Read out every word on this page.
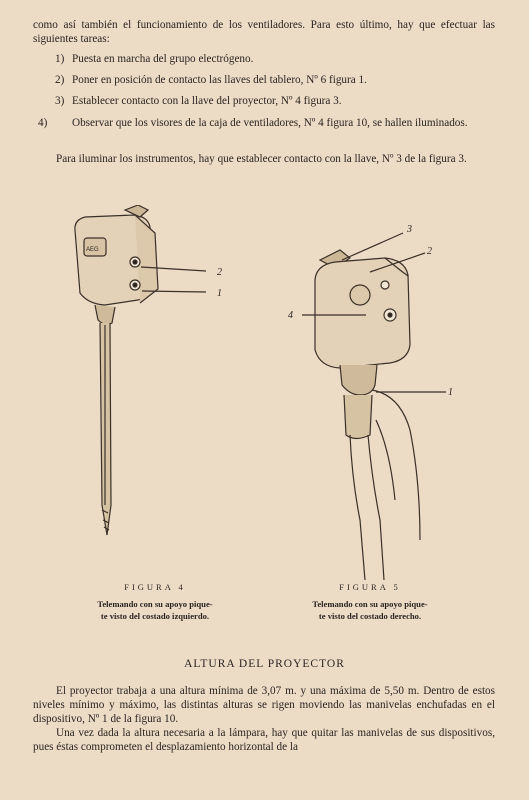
como así también el funcionamiento de los ventiladores. Para esto último, hay que efectuar las siguientes tareas:

1) Puesta en marcha del grupo electrógeno.
2) Poner en posición de contacto las llaves del tablero, Nº 6 figura 1.
3) Establecer contacto con la llave del proyector, Nº 4 figura 3.
4) Observar que los visores de la caja de ventiladores, Nº 4 figura 10, se hallen iluminados.

Para iluminar los instrumentos, hay que establecer contacto con la llave, Nº 3 de la figura 3.

2
1
AEG
FIGURA 4
Telemando con su apoyo pique-
te visto del costado izquierdo.
3
2
4
1
FIGURA 5
Telemando con su apoyo pique-
te visto del costado derecho.
ALTURA DEL PROYECTOR

El proyector trabaja a una altura mínima de 3,07 m. y una máxima de 5,50 m. Dentro de estos niveles mínimo y máximo, las distintas alturas se rigen moviendo las manivelas enchufadas en el dispositivo, Nº 1 de la figura 10.

Una vez dada la altura necesaria a la lámpara, hay que quitar las manivelas de sus dispositivos, pues éstas comprometen el desplazamiento horizontal de la
